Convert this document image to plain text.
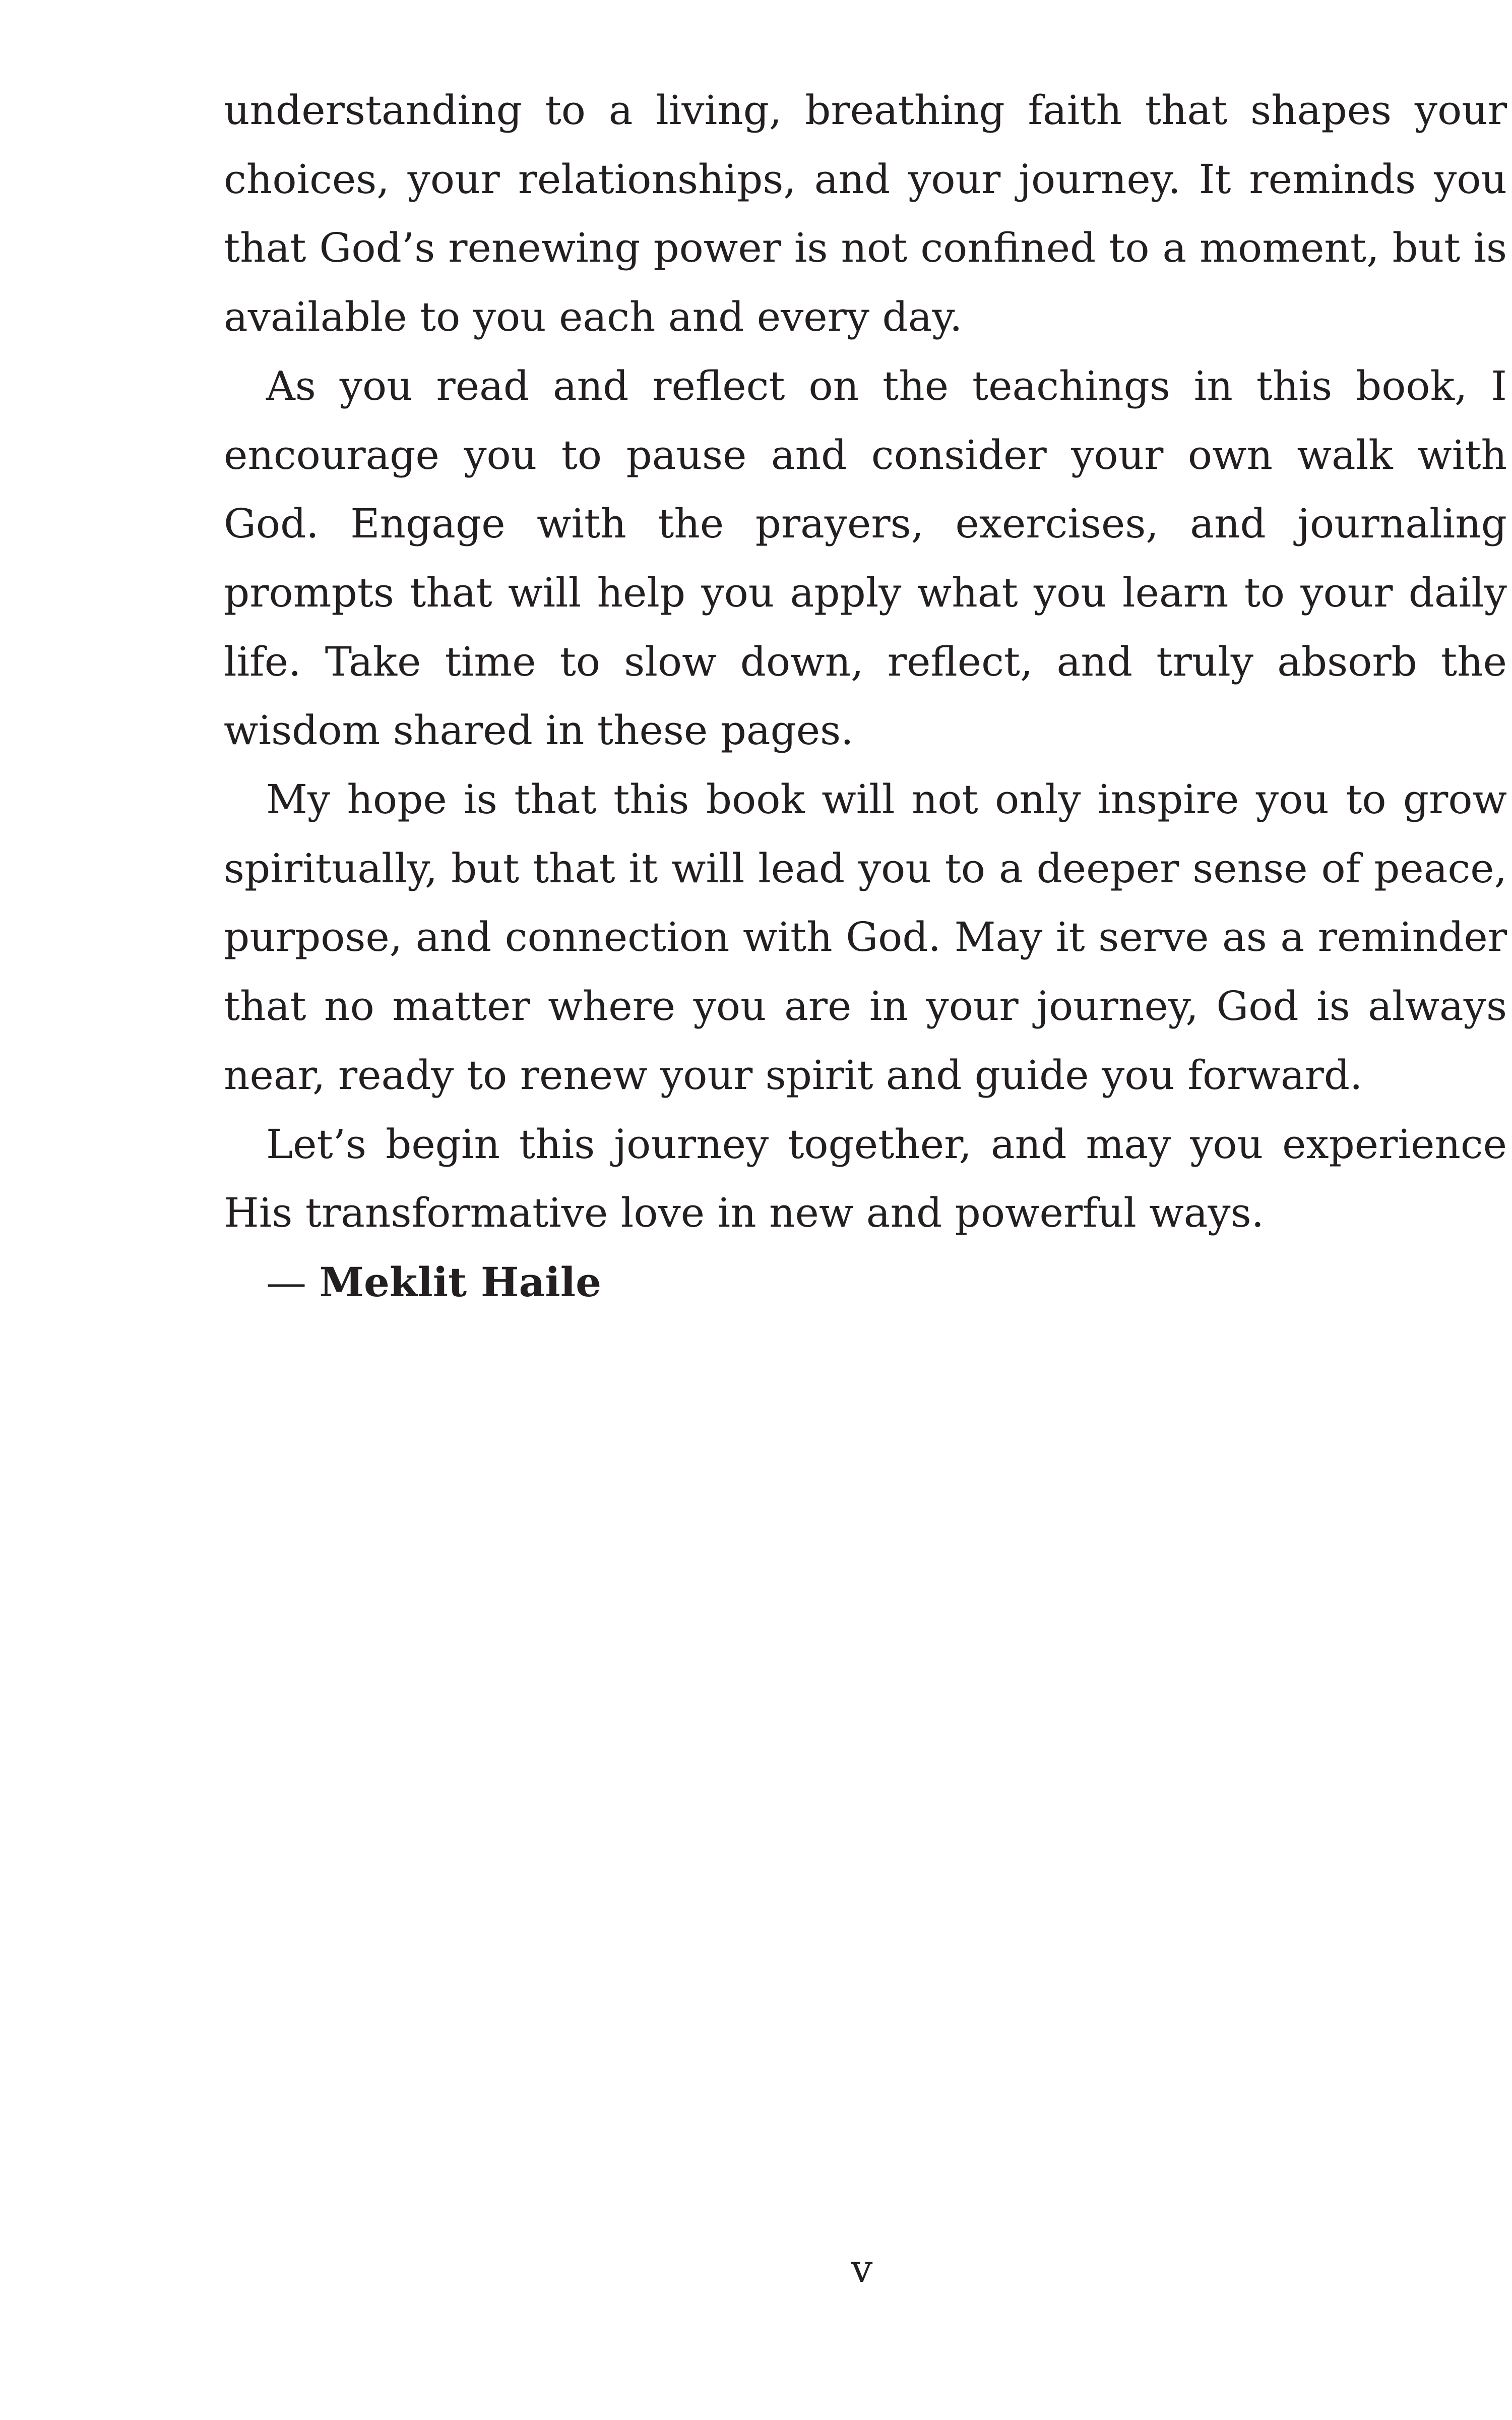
understanding to a living, breathing faith that shapes your choices, your relationships, and your journey. It reminds you that God’s renewing power is not confined to a moment, but is available to you each and every day.

As you read and reflect on the teachings in this book, I encourage you to pause and consider your own walk with God. Engage with the prayers, exercises, and journaling prompts that will help you apply what you learn to your daily life. Take time to slow down, reflect, and truly absorb the wisdom shared in these pages.

My hope is that this book will not only inspire you to grow spiritually, but that it will lead you to a deeper sense of peace, purpose, and connection with God. May it serve as a reminder that no matter where you are in your journey, God is always near, ready to renew your spirit and guide you forward.

Let’s begin this journey together, and may you experience His transformative love in new and powerful ways.

— Meklit Haile

v
